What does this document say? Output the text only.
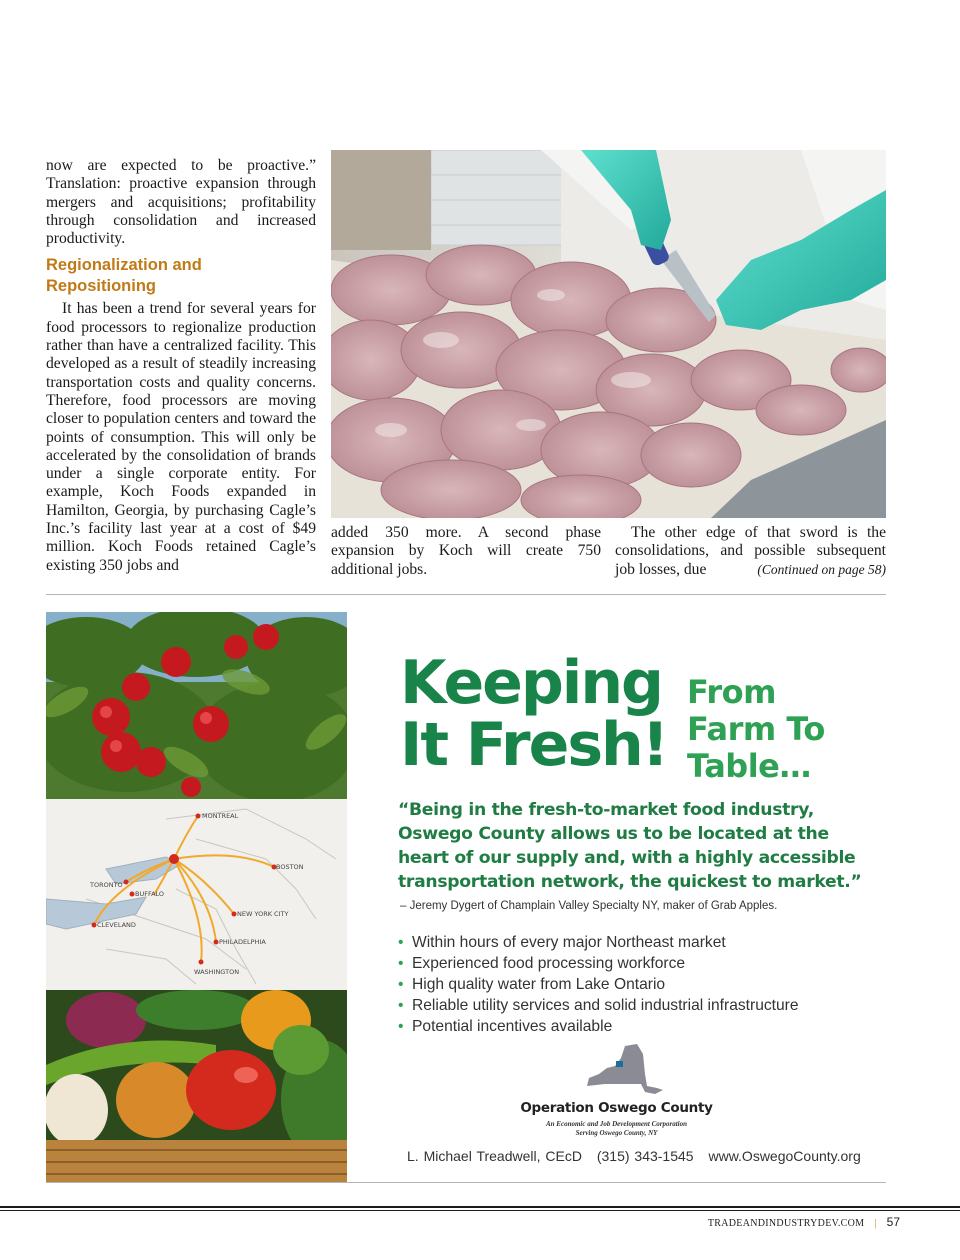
now are expected to be proactive.” Translation: proactive expansion through mergers and acquisitions; profitability through consolidation and increased productivity.

Regionalization and Repositioning

It has been a trend for several years for food processors to regionalize production rather than have a centralized facility. This developed as a result of steadily increasing transportation costs and quality concerns. Therefore, food processors are moving closer to population centers and toward the points of consumption. This will only be accelerated by the consolidation of brands under a single corporate entity. For example, Koch Foods expanded in Hamilton, Georgia, by purchasing Cagle’s Inc.’s facility last year at a cost of $49 million. Koch Foods retained Cagle’s existing 350 jobs and

added 350 more. A second phase expansion by Koch will create 750 additional jobs.
The other edge of that sword is the consolidations, and possible subsequent job losses, due	(Continued on page 58)
MONTREAL
BOSTON
TORONTO
BUFFALO
NEW YORK CITY
CLEVELAND
PHILADELPHIA
WASHINGTON
Keeping
It Fresh!
From
Farm To
Table…
“Being in the fresh-to-market food industry, Oswego County allows us to be located at the heart of our supply and, with a highly accessible transportation network, the quickest to market.”
– Jeremy Dygert of Champlain Valley Specialty NY, maker of Grab Apples.
• Within hours of every major Northeast market
• Experienced food processing workforce
• High quality water from Lake Ontario
• Reliable utility services and solid industrial infrastructure
• Potential incentives available
Operation Oswego County
An Economic and Job Development Corporation
Serving Oswego County, NY
L. Michael Treadwell, CEcD (315) 343-1545 www.OswegoCounty.org
TRADEANDINDUSTRYDEV.COM | 57
